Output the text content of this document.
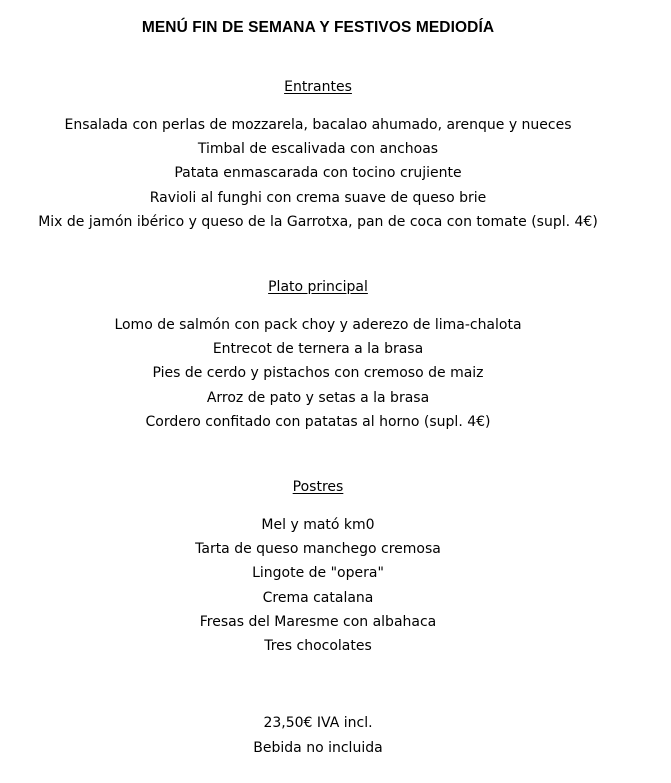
MENÚ FIN DE SEMANA Y FESTIVOS MEDIODÍA
Entrantes
Ensalada con perlas de mozzarela, bacalao ahumado, arenque y nueces
Timbal de escalivada con anchoas
Patata enmascarada con tocino crujiente
Ravioli al funghi con crema suave de queso brie
Mix de jamón ibérico y queso de la Garrotxa, pan de coca con tomate (supl. 4€)
Plato principal
Lomo de salmón con pack choy y aderezo de lima-chalota
Entrecot de ternera a la brasa
Pies de cerdo y pistachos con cremoso de maiz
Arroz de pato y setas a la brasa
Cordero confitado con patatas al horno (supl. 4€)
Postres
Mel y mató km0
Tarta de queso manchego cremosa
Lingote de "opera"
Crema catalana
Fresas del Maresme con albahaca
Tres chocolates
23,50€ IVA incl.
Bebida no incluida
